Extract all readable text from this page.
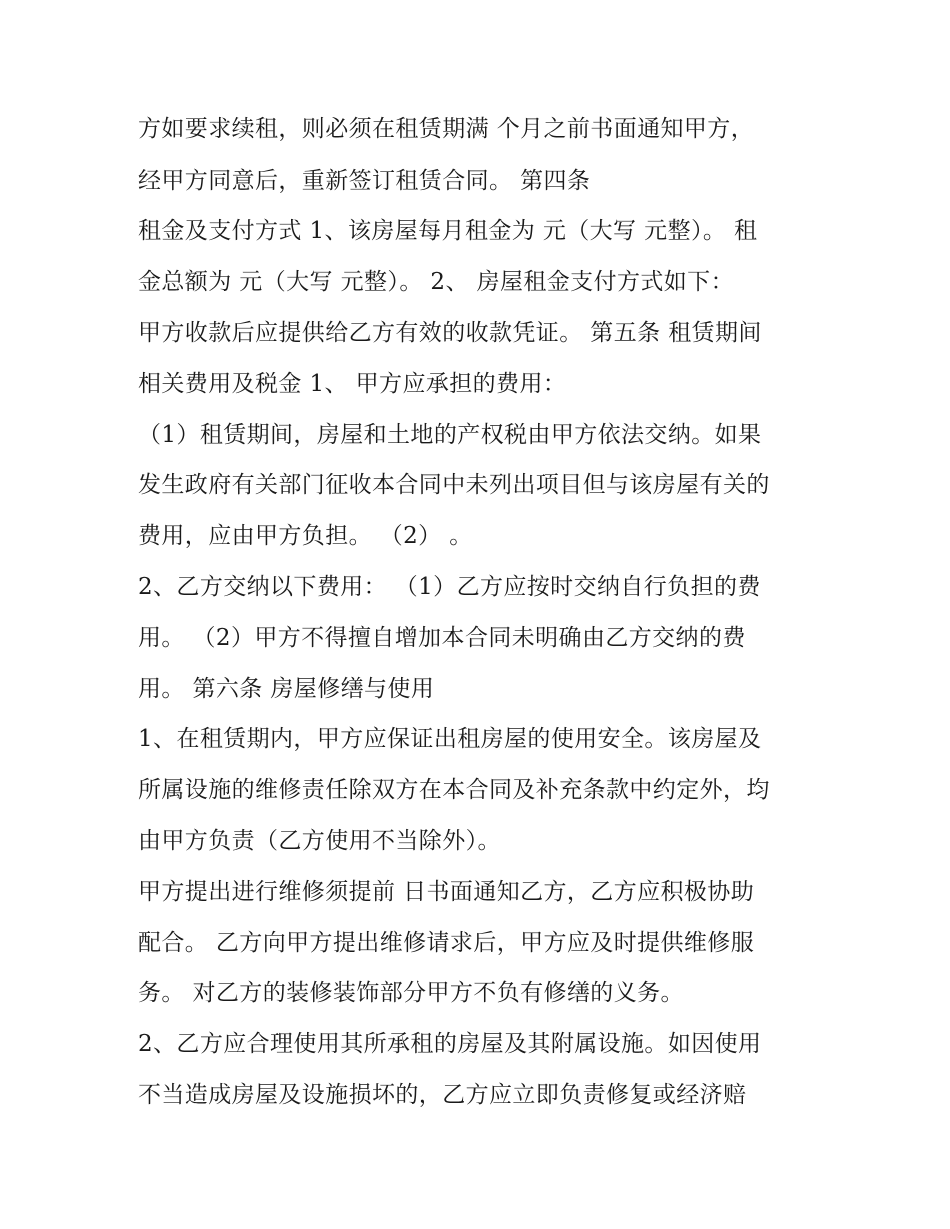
方如要求续租，则必须在租赁期满 个月之前书面通知甲方，
经甲方同意后，重新签订租赁合同。 第四条
租金及支付方式 1、该房屋每月租金为 元（大写 元整）。 租
金总额为 元（大写 元整）。 2、 房屋租金支付方式如下：
甲方收款后应提供给乙方有效的收款凭证。 第五条 租赁期间
相关费用及税金 1、 甲方应承担的费用：
（1）租赁期间，房屋和土地的产权税由甲方依法交纳。如果
发生政府有关部门征收本合同中未列出项目但与该房屋有关的
费用，应由甲方负担。 （2） 。
2、乙方交纳以下费用： （1）乙方应按时交纳自行负担的费
用。 （2）甲方不得擅自增加本合同未明确由乙方交纳的费
用。 第六条 房屋修缮与使用
1、在租赁期内，甲方应保证出租房屋的使用安全。该房屋及
所属设施的维修责任除双方在本合同及补充条款中约定外，均
由甲方负责（乙方使用不当除外）。
甲方提出进行维修须提前 日书面通知乙方，乙方应积极协助
配合。 乙方向甲方提出维修请求后，甲方应及时提供维修服
务。 对乙方的装修装饰部分甲方不负有修缮的义务。
2、乙方应合理使用其所承租的房屋及其附属设施。如因使用
不当造成房屋及设施损坏的，乙方应立即负责修复或经济赔
